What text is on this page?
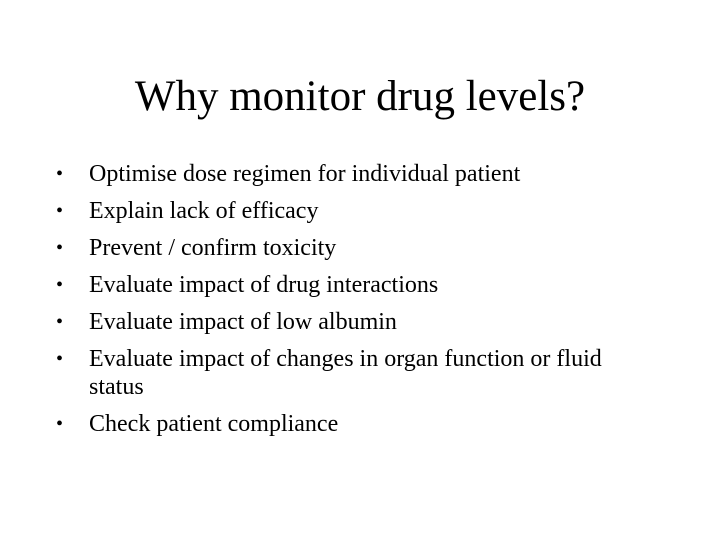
Why monitor drug levels?
•	Optimise dose regimen for individual patient
•	Explain lack of efficacy
•	Prevent / confirm toxicity
•	Evaluate impact of drug interactions
•	Evaluate impact of low albumin
•	Evaluate impact of changes in organ function or fluid status
•	Check patient compliance
